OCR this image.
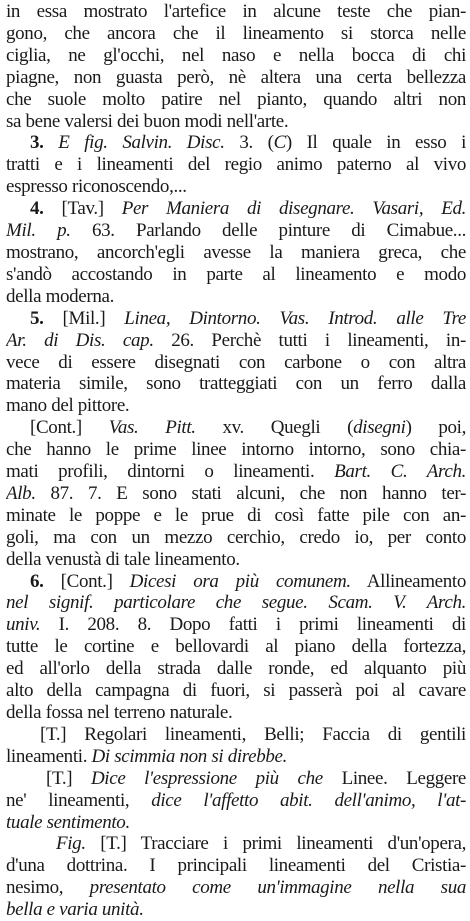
in essa mostrato l'artefice in alcune teste che pian-
gono, che ancora che il lineamento si storca nelle
ciglia, ne gl'occhi, nel naso e nella bocca di chi
piagne, non guasta però, nè altera una certa bellezza
che suole molto patire nel pianto, quando altri non
sa bene valersi dei buon modi nell'arte.
3. E fig. Salvin. Disc. 3. (C) Il quale in esso i
tratti e i lineamenti del regio animo paterno al vivo
espresso riconoscendo,...
4. [Tav.] Per Maniera di disegnare. Vasari, Ed.
Mil. p. 63. Parlando delle pinture di Cimabue...
mostrano, ancorch'egli avesse la maniera greca, che
s'andò accostando in parte al lineamento e modo
della moderna.
5. [Mil.] Linea, Dintorno. Vas. Introd. alle Tre
Ar. di Dis. cap. 26. Perchè tutti i lineamenti, in-
vece di essere disegnati con carbone o con altra
materia simile, sono tratteggiati con un ferro dalla
mano del pittore.
[Cont.] Vas. Pitt. xv. Quegli (disegni) poi,
che hanno le prime linee intorno intorno, sono chia-
mati profili, dintorni o lineamenti. Bart. C. Arch.
Alb. 87. 7. E sono stati alcuni, che non hanno ter-
minate le poppe e le prue di così fatte pile con an-
goli, ma con un mezzo cerchio, credo io, per conto
della venustà di tale lineamento.
6. [Cont.] Dicesi ora più comunem. Allineamento
nel signif. particolare che segue. Scam. V. Arch.
univ. I. 208. 8. Dopo fatti i primi lineamenti di
tutte le cortine e bellovardi al piano della fortezza,
ed all'orlo della strada dalle ronde, ed alquanto più
alto della campagna di fuori, si passerà poi al cavare
della fossa nel terreno naturale.
[T.] Regolari lineamenti, Belli; Faccia di gentili
lineamenti. Di scimmia non si direbbe.
[T.] Dice l'espressione più che Linee. Leggere
ne' lineamenti, dice l'affetto abit. dell'animo, l'at-
tuale sentimento.
Fig. [T.] Tracciare i primi lineamenti d'un'opera,
d'una dottrina. I principali lineamenti del Cristia-
nesimo, presentato come un'immagine nella sua
bella e varia unità.
